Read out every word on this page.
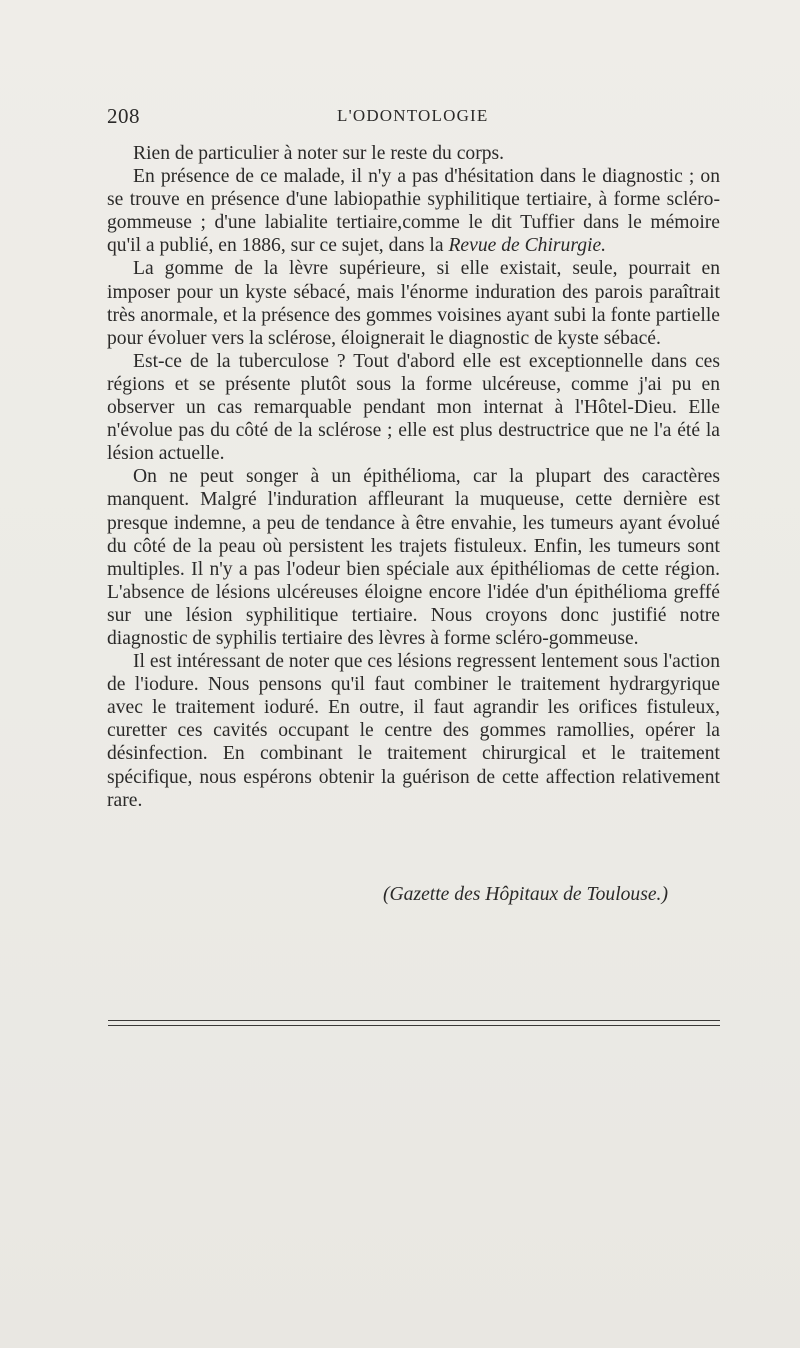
208	L'ODONTOLOGIE

Rien de particulier à noter sur le reste du corps.

En présence de ce malade, il n'y a pas d'hésitation dans le diagnostic ; on se trouve en présence d'une labiopathie syphilitique tertiaire, à forme scléro-gommeuse ; d'une labialite tertiaire,comme le dit Tuffier dans le mémoire qu'il a publié, en 1886, sur ce sujet, dans la Revue de Chirurgie.

La gomme de la lèvre supérieure, si elle existait, seule, pourrait en imposer pour un kyste sébacé, mais l'énorme induration des parois paraîtrait très anormale, et la présence des gommes voisines ayant subi la fonte partielle pour évoluer vers la sclérose, éloignerait le diagnostic de kyste sébacé.

Est-ce de la tuberculose ? Tout d'abord elle est exceptionnelle dans ces régions et se présente plutôt sous la forme ulcéreuse, comme j'ai pu en observer un cas remarquable pendant mon internat à l'Hôtel-Dieu. Elle n'évolue pas du côté de la sclérose ; elle est plus destructrice que ne l'a été la lésion actuelle.

On ne peut songer à un épithélioma, car la plupart des caractères manquent. Malgré l'induration affleurant la muqueuse, cette dernière est presque indemne, a peu de tendance à être envahie, les tumeurs ayant évolué du côté de la peau où persistent les trajets fistuleux. Enfin, les tumeurs sont multiples. Il n'y a pas l'odeur bien spéciale aux épithéliomas de cette région. L'absence de lésions ulcéreuses éloigne encore l'idée d'un épithélioma greffé sur une lésion syphilitique tertiaire. Nous croyons donc justifié notre diagnostic de syphilis tertiaire des lèvres à forme scléro-gommeuse.

Il est intéressant de noter que ces lésions regressent lentement sous l'action de l'iodure. Nous pensons qu'il faut combiner le traitement hydrargyrique avec le traitement ioduré. En outre, il faut agrandir les orifices fistuleux, curetter ces cavités occupant le centre des gommes ramollies, opérer la désinfection. En combinant le traitement chirurgical et le traitement spécifique, nous espérons obtenir la guérison de cette affection relativement rare.

(Gazette des Hôpitaux de Toulouse.)
